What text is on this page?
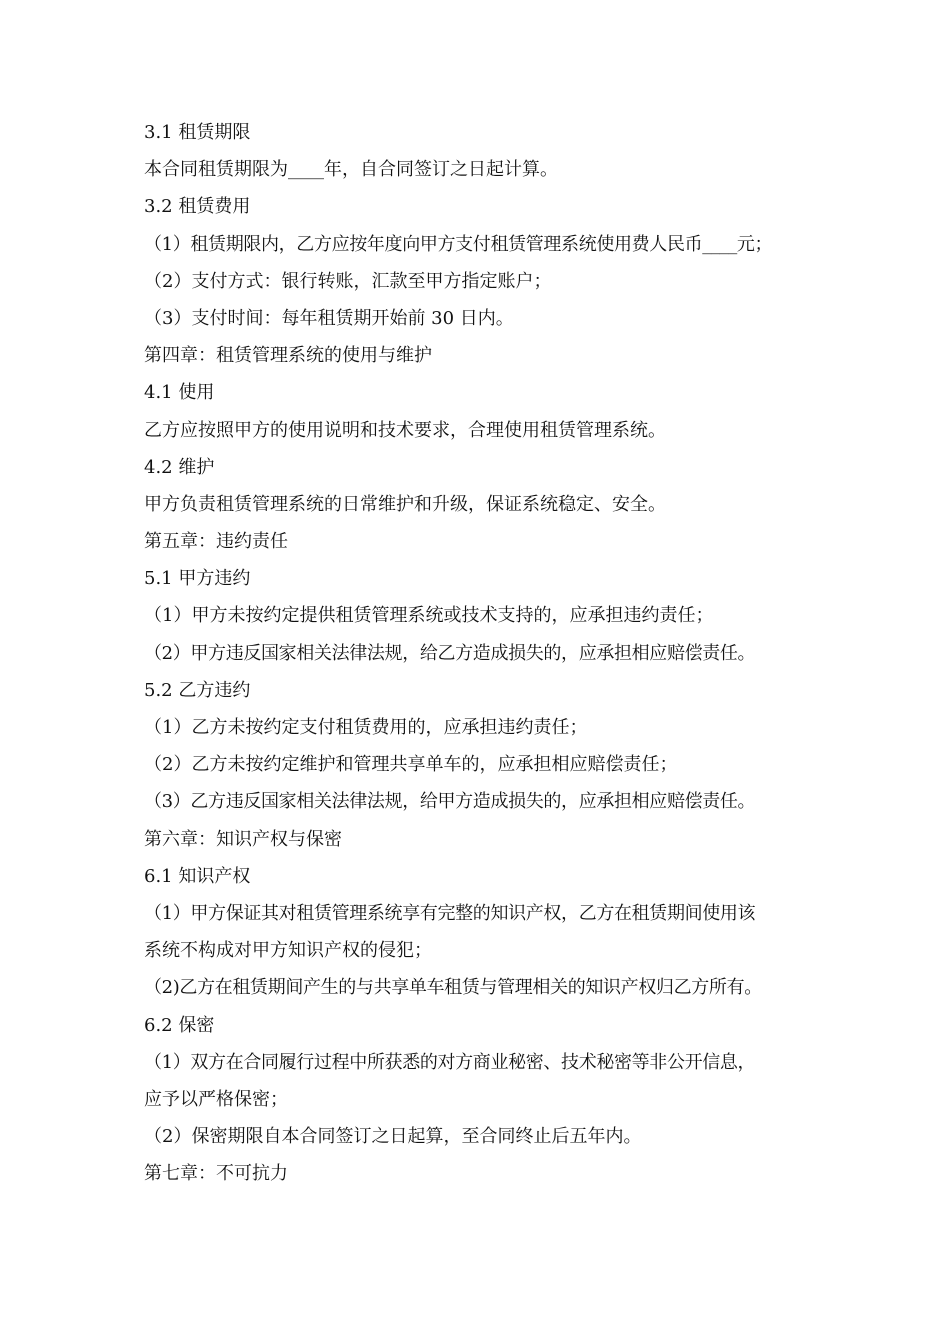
3.1 租赁期限
本合同租赁期限为____年，自合同签订之日起计算。
3.2 租赁费用
（1）租赁期限内，乙方应按年度向甲方支付租赁管理系统使用费人民币____元；
（2）支付方式：银行转账，汇款至甲方指定账户；
（3）支付时间：每年租赁期开始前 30 日内。
第四章：租赁管理系统的使用与维护
4.1 使用
乙方应按照甲方的使用说明和技术要求，合理使用租赁管理系统。
4.2 维护
甲方负责租赁管理系统的日常维护和升级，保证系统稳定、安全。
第五章：违约责任
5.1 甲方违约
（1）甲方未按约定提供租赁管理系统或技术支持的，应承担违约责任；
（2）甲方违反国家相关法律法规，给乙方造成损失的，应承担相应赔偿责任。
5.2 乙方违约
（1）乙方未按约定支付租赁费用的，应承担违约责任；
（2）乙方未按约定维护和管理共享单车的，应承担相应赔偿责任；
（3）乙方违反国家相关法律法规，给甲方造成损失的，应承担相应赔偿责任。
第六章：知识产权与保密
6.1 知识产权
（1）甲方保证其对租赁管理系统享有完整的知识产权，乙方在租赁期间使用该
系统不构成对甲方知识产权的侵犯；
（2)乙方在租赁期间产生的与共享单车租赁与管理相关的知识产权归乙方所有。
6.2 保密
（1）双方在合同履行过程中所获悉的对方商业秘密、技术秘密等非公开信息，
应予以严格保密；
（2）保密期限自本合同签订之日起算，至合同终止后五年内。
第七章：不可抗力
